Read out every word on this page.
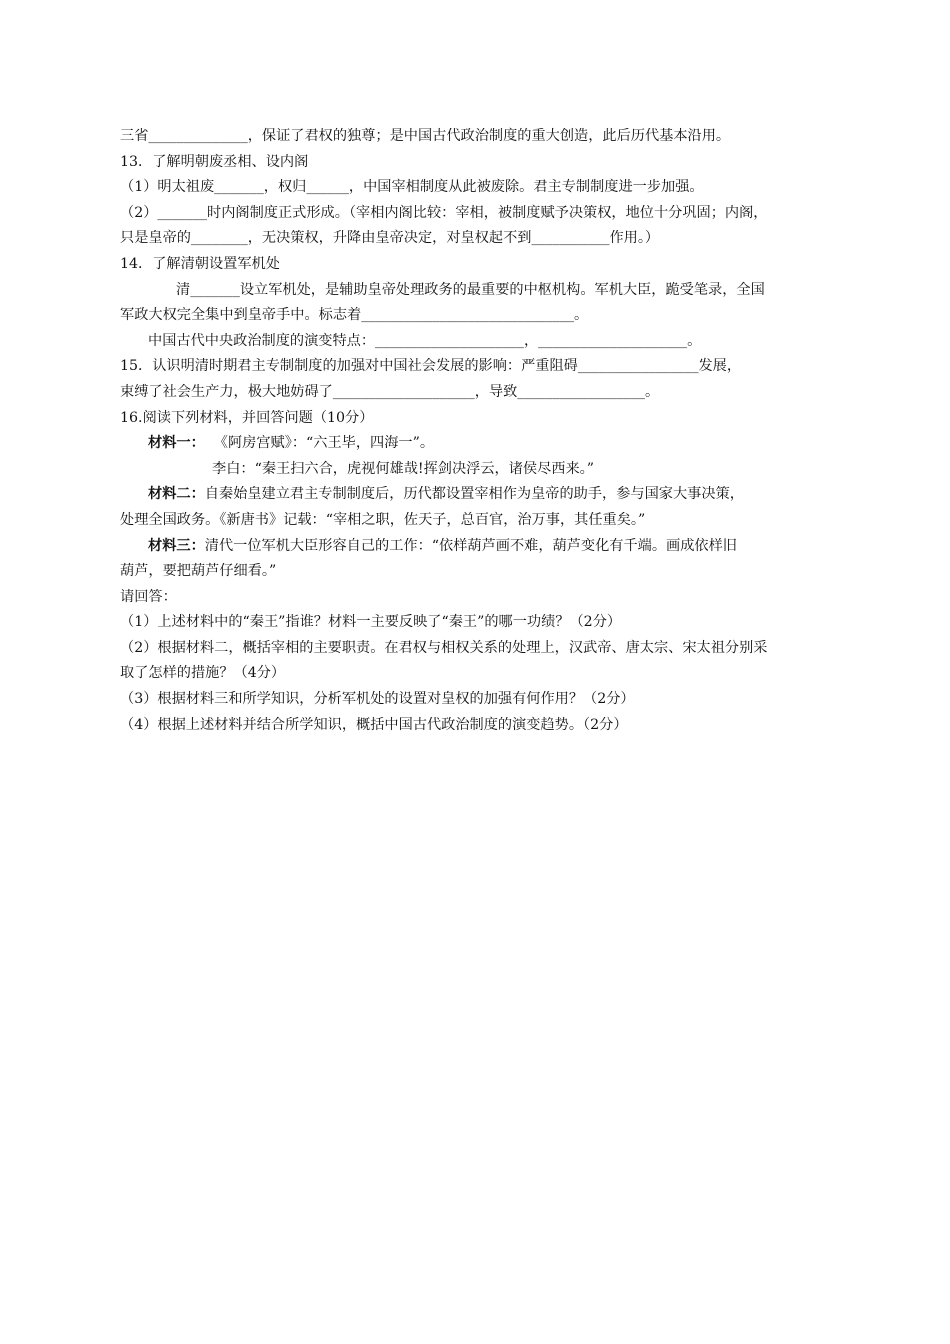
三省______________，保证了君权的独尊；是中国古代政治制度的重大创造，此后历代基本沿用。
13．了解明朝废丞相、设内阁
（1）明太祖废_______，权归______，中国宰相制度从此被废除。君主专制制度进一步加强。
（2）_______时内阁制度正式形成。（宰相内阁比较：宰相，被制度赋予决策权，地位十分巩固；内阁，
只是皇帝的________，无决策权，升降由皇帝决定，对皇权起不到___________作用。）
14．了解清朝设置军机处
清_______设立军机处，是辅助皇帝处理政务的最重要的中枢机构。军机大臣，跪受笔录，全国
军政大权完全集中到皇帝手中。标志着______________________________。
中国古代中央政治制度的演变特点：_____________________，_____________________。
15．认识明清时期君主专制制度的加强对中国社会发展的影响：严重阻碍_________________发展，
束缚了社会生产力，极大地妨碍了____________________，导致__________________。
16.阅读下列材料，并回答问题（10分）
材料一： 《阿房宫赋》：“六王毕，四海一”。
李白：“秦王扫六合，虎视何雄哉!挥剑决浮云，诸侯尽西来。”
材料二：自秦始皇建立君主专制制度后，历代都设置宰相作为皇帝的助手，参与国家大事决策，
处理全国政务。《新唐书》记载：“宰相之职，佐天子，总百官，治万事，其任重矣。”
材料三：清代一位军机大臣形容自己的工作：“依样葫芦画不难，葫芦变化有千端。画成依样旧
葫芦，要把葫芦仔细看。”
请回答：
（1）上述材料中的“秦王”指谁？材料一主要反映了“秦王”的哪一功绩？（2分）
（2）根据材料二，概括宰相的主要职责。在君权与相权关系的处理上，汉武帝、唐太宗、宋太祖分别采
取了怎样的措施？（4分）
（3）根据材料三和所学知识，分析军机处的设置对皇权的加强有何作用？（2分）
（4）根据上述材料并结合所学知识，概括中国古代政治制度的演变趋势。（2分）
